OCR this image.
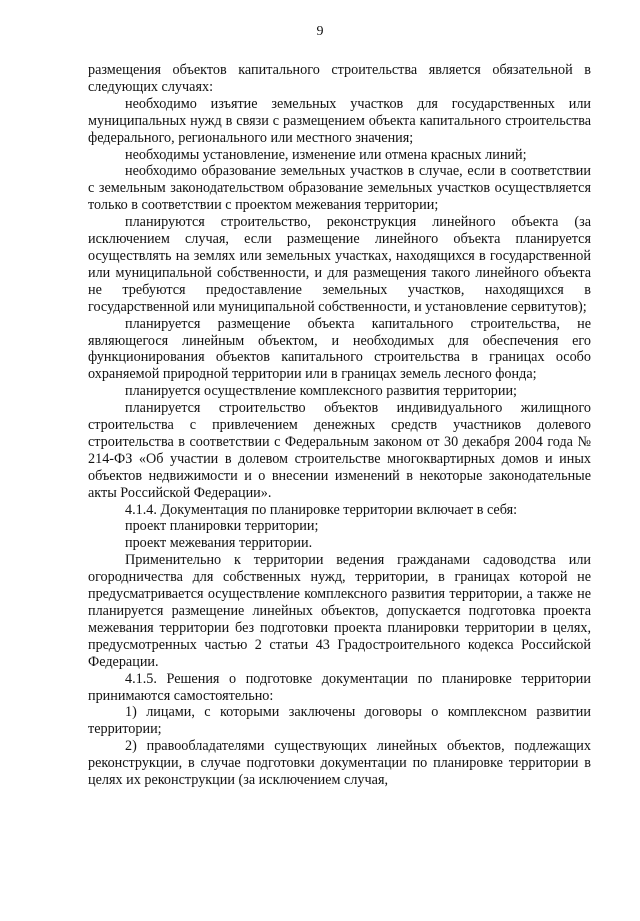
9

размещения объектов капитального строительства является обязательной в следующих случаях:

необходимо изъятие земельных участков для государственных или муниципальных нужд в связи с размещением объекта капитального строительства федерального, регионального или местного значения;

необходимы установление, изменение или отмена красных линий;

необходимо образование земельных участков в случае, если в соответствии с земельным законодательством образование земельных участков осуществляется только в соответствии с проектом межевания территории;

планируются строительство, реконструкция линейного объекта (за исключением случая, если размещение линейного объекта планируется осуществлять на землях или земельных участках, находящихся в государственной или муниципальной собственности, и для размещения такого линейного объекта не требуются предоставление земельных участков, находящихся в государственной или муниципальной собственности, и установление сервитутов);

планируется размещение объекта капитального строительства, не являющегося линейным объектом, и необходимых для обеспечения его функционирования объектов капитального строительства в границах особо охраняемой природной территории или в границах земель лесного фонда;

планируется осуществление комплексного развития территории;

планируется строительство объектов индивидуального жилищного строительства с привлечением денежных средств участников долевого строительства в соответствии с Федеральным законом от 30 декабря 2004 года № 214-ФЗ «Об участии в долевом строительстве многоквартирных домов и иных объектов недвижимости и о внесении изменений в некоторые законодательные акты Российской Федерации».

4.1.4. Документация по планировке территории включает в себя:

проект планировки территории;

проект межевания территории.

Применительно к территории ведения гражданами садоводства или огородничества для собственных нужд, территории, в границах которой не предусматривается осуществление комплексного развития территории, а также не планируется размещение линейных объектов, допускается подготовка проекта межевания территории без подготовки проекта планировки территории в целях, предусмотренных частью 2 статьи 43 Градостроительного кодекса Российской Федерации.

4.1.5. Решения о подготовке документации по планировке территории принимаются самостоятельно:

1) лицами, с которыми заключены договоры о комплексном развитии территории;

2) правообладателями существующих линейных объектов, подлежащих реконструкции, в случае подготовки документации по планировке территории в целях их реконструкции (за исключением случая,
